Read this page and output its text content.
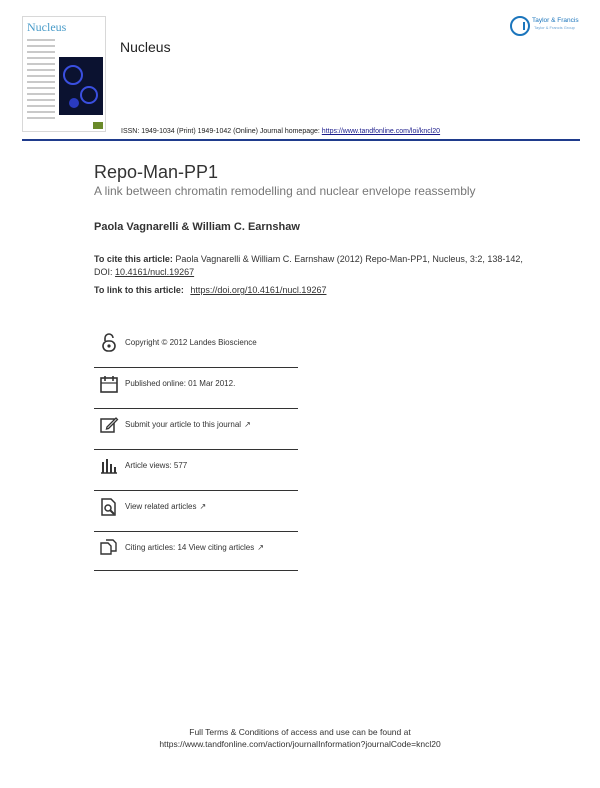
Nucleus
Nucleus
ISSN: 1949-1034 (Print) 1949-1042 (Online) Journal homepage: https://www.tandfonline.com/loi/kncl20
Taylor & Francis
Taylor & Francis Group
Repo-Man-PP1
A link between chromatin remodelling and nuclear envelope reassembly
Paola Vagnarelli & William C. Earnshaw
To cite this article: Paola Vagnarelli & William C. Earnshaw (2012) Repo-Man-PP1, Nucleus, 3:2, 138-142, DOI: 10.4161/nucl.19267
To link to this article: https://doi.org/10.4161/nucl.19267
Copyright © 2012 Landes Bioscience
Published online: 01 Mar 2012.
Submit your article to this journal ↗
Article views: 577
View related articles ↗
Citing articles: 14 View citing articles ↗
Full Terms & Conditions of access and use can be found at
https://www.tandfonline.com/action/journalInformation?journalCode=kncl20
